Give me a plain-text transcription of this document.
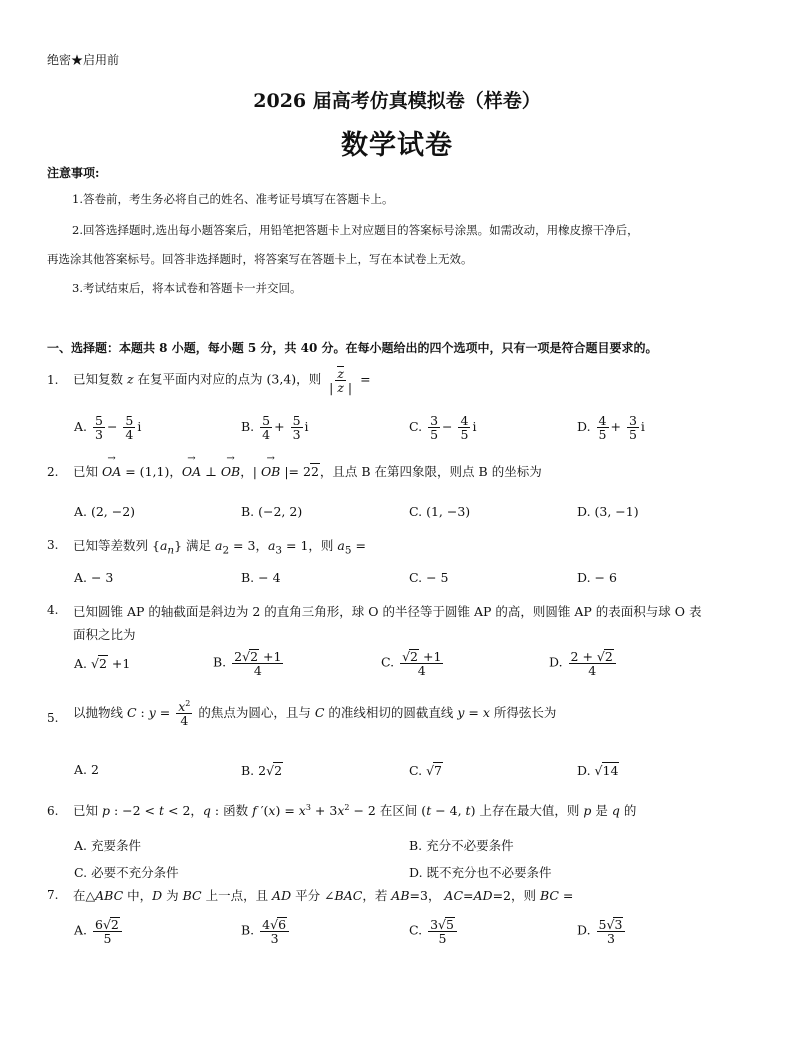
绝密★启用前
2026 届高考仿真模拟卷（样卷）
数学试卷
注意事项:
1.答卷前，考生务必将自己的姓名、准考证号填写在答题卡上。
2.回答选择题时,选出每小题答案后，用铅笔把答题卡上对应题目的答案标号涂黑。如需改动，用橡皮擦干净后，
再选涂其他答案标号。回答非选择题时，将答案写在答题卡上，写在本试卷上无效。
3.考试结束后，将本试卷和答题卡一并交回。
一、选择题：本题共 8 小题，每小题 5 分，共 40 分。在每小题给出的四个选项中，只有一项是符合题目要求的。
1. 已知复数 z 在复平面内对应的点为 (3,4)，则 $\frac{z}{| z |}$ =
A. $\frac{5}{3} - \frac{5}{4}$ i	B. $\frac{5}{4} + \frac{5}{3}$ i	C. $\frac{3}{5} - \frac{4}{5}$ i	D. $\frac{4}{5} + \frac{3}{5}$ i
2. 已知 → OA = (1,1)，→ OA ⊥ → OB，| → OB |= 22，且点 B 在第四象限，则点 B 的坐标为
A. (2, −2)	B. (−2, 2)	C. (1, −3)	D. (3, −1)
3. 已知等差数列 $\{a_n\}$ 满足 $a_2 = 3$，$a_3 = 1$，则 $a_5$ =
A. − 3	B. − 4	C. − 5	D. − 6
4. 已知圆锥 AP 的轴截面是斜边为 2 的直角三角形，球 O 的半径等于圆锥 AP 的高，则圆锥 AP 的表面积与球 O 表
面积之比为
A. √2 +1	B. $\frac{2√2 +1}{4}$	C. $\frac{√2 +1}{4}$	D. $\frac{2 + √2}{4}$
5. 以抛物线 C : $y = \frac{x^2}{4}$ 的焦点为圆心，且与 C 的准线相切的圆截直线 y = x 所得弦长为
A. 2	B. 2√2	C. √7	D. √14
6. 已知 p : −2 < t < 2，q : 函数 f $'(x) = x^3 + 3x^2 - 2$ 在区间 (t − 4, t) 上存在最大值，则 p 是 q 的
A. 充要条件	B. 充分不必要条件
C. 必要不充分条件	D. 既不充分也不必要条件
7. 在△ABC 中，D 为 BC 上一点，且 AD 平分 ∠BAC，若 AB=3， AC=AD=2，则 BC =
A. $\frac{6√2}{5}$	B. $\frac{4√6}{3}$	C. $\frac{3√5}{5}$	D. $\frac{5√3}{3}$
